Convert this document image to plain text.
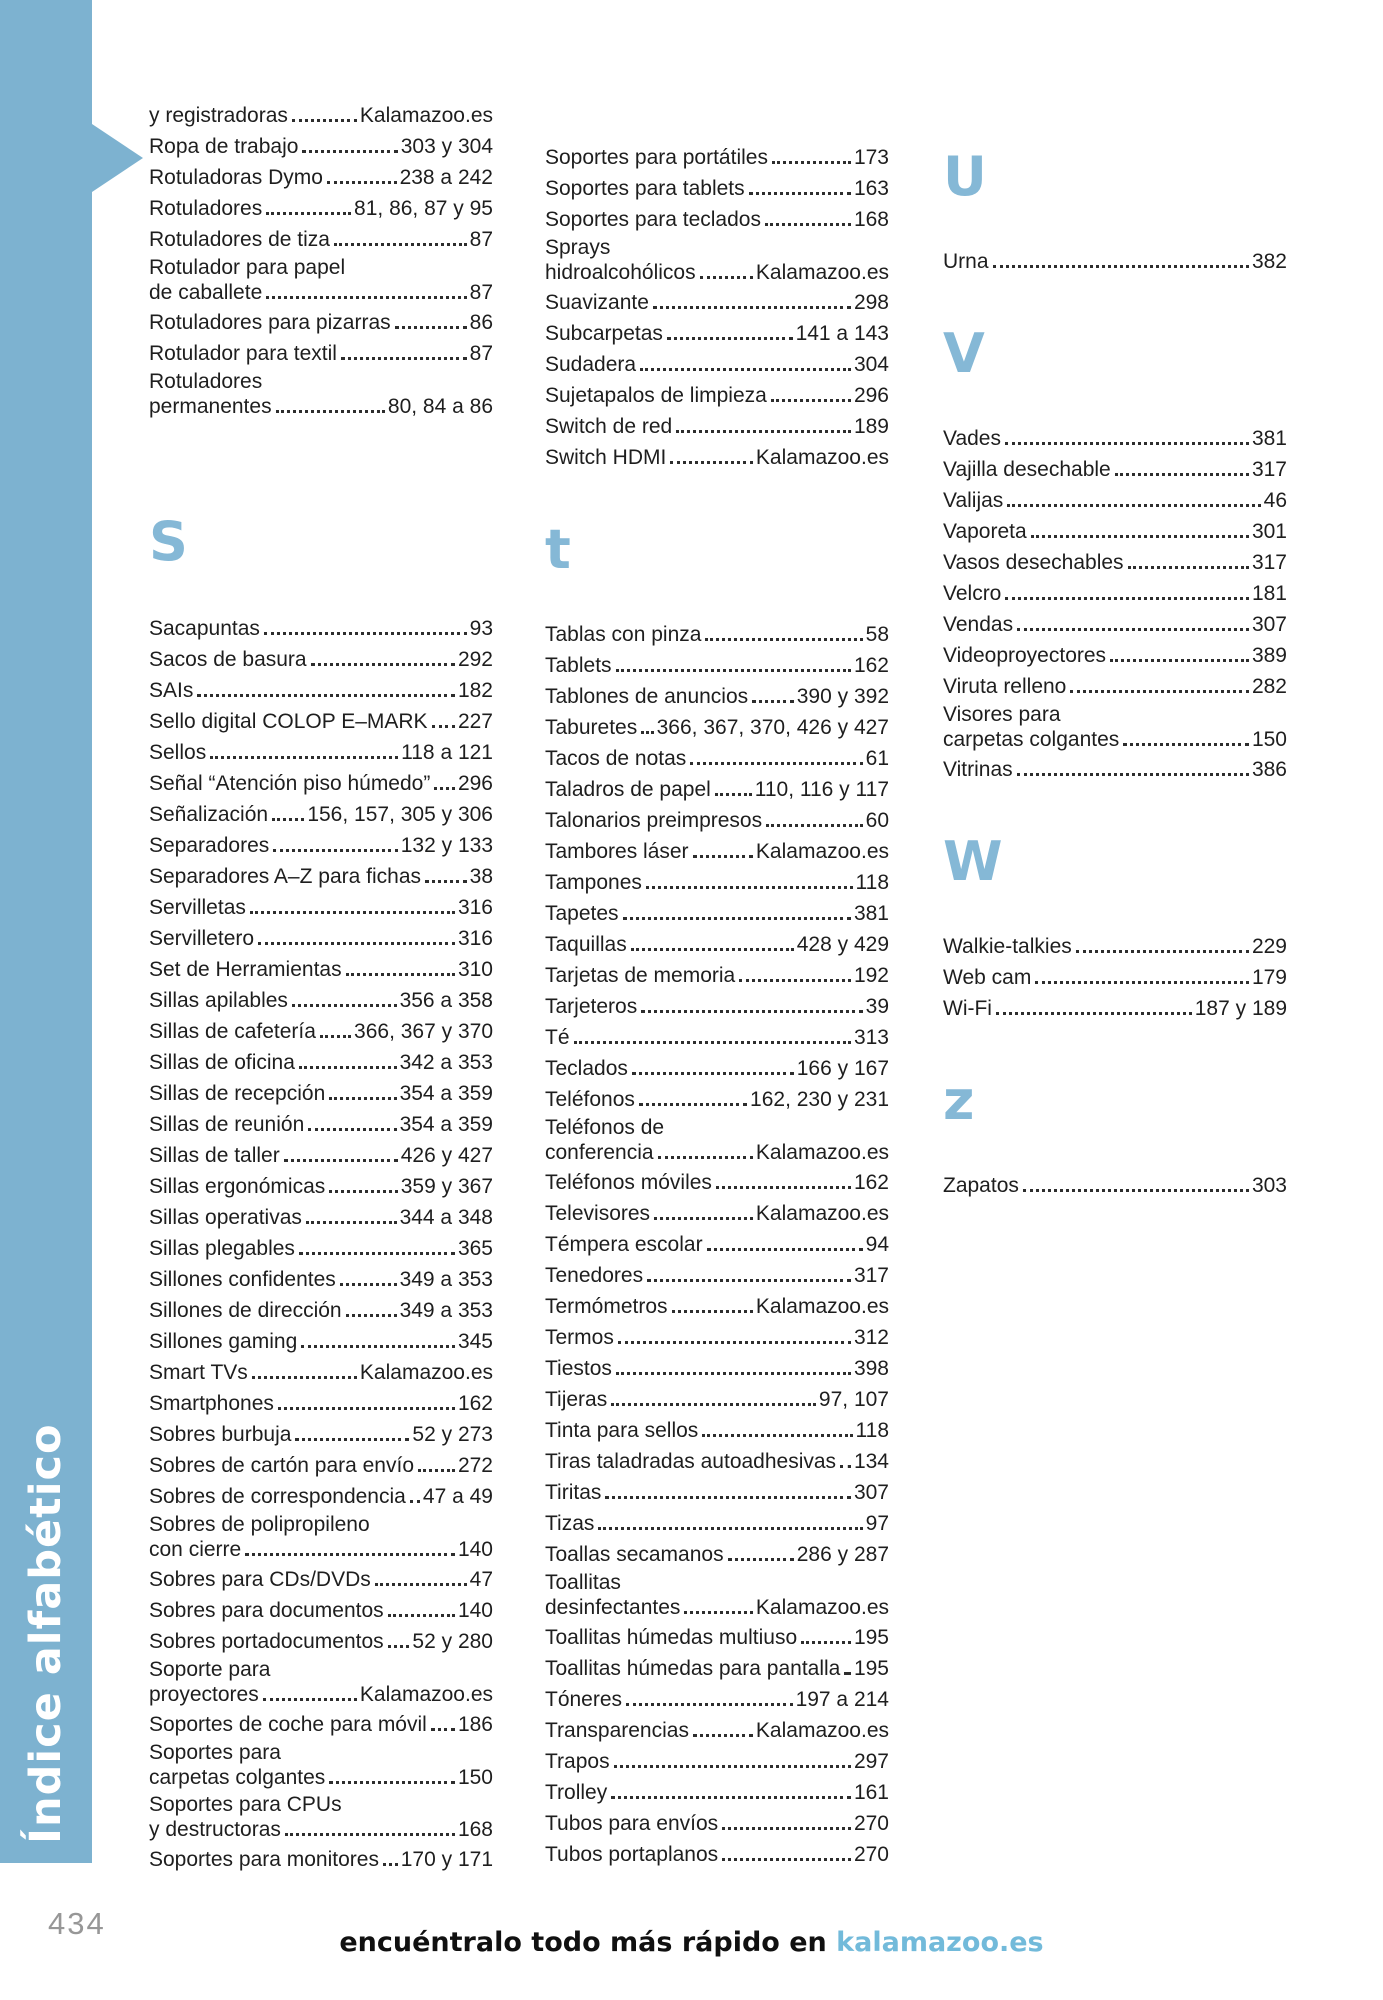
Índice alfabético
y registradoras	Kalamazoo.es
Ropa de trabajo	303 y 304
Rotuladoras Dymo	238 a 242
Rotuladores	81, 86, 87 y 95
Rotuladores de tiza	87
Rotulador para papel
de caballete	87
Rotuladores para pizarras	86
Rotulador para textil	87
Rotuladores
permanentes	80, 84 a 86
S
Sacapuntas	93
Sacos de basura	292
SAIs	182
Sello digital COLOP E–MARK 227
Sellos	118 a 121
Señal “Atención piso húmedo” 296
Señalización 156, 157, 305 y 306
Separadores	132 y 133
Separadores A–Z para fichas 38
Servilletas	316
Servilletero	316
Set de Herramientas	310
Sillas apilables	356 a 358
Sillas de cafetería 366, 367 y 370
Sillas de oficina	342 a 353
Sillas de recepción	354 a 359
Sillas de reunión	354 a 359
Sillas de taller	426 y 427
Sillas ergonómicas	359 y 367
Sillas operativas	344 a 348
Sillas plegables	365
Sillones confidentes	349 a 353
Sillones de dirección	349 a 353
Sillones gaming	345
Smart TVs	Kalamazoo.es
Smartphones	162
Sobres burbuja	52 y 273
Sobres de cartón para envío 272
Sobres de correspondencia 47 a 49
Sobres de polipropileno
con cierre	140
Sobres para CDs/DVDs	47
Sobres para documentos	140
Sobres portadocumentos 52 y 280
Soporte para
proyectores	Kalamazoo.es
Soportes de coche para móvil 186
Soportes para
carpetas colgantes	150
Soportes para CPUs
y destructoras	168
Soportes para monitores 170 y 171
Soportes para portátiles	173
Soportes para tablets	163
Soportes para teclados	168
Sprays
hidroalcohólicos	Kalamazoo.es
Suavizante	298
Subcarpetas	141 a 143
Sudadera	304
Sujetapalos de limpieza	296
Switch de red	189
Switch HDMI	Kalamazoo.es
t
Tablas con pinza	58
Tablets	162
Tablones de anuncios 390 y 392
Taburetes 366, 367, 370, 426 y 427
Tacos de notas	61
Taladros de papel 110, 116 y 117
Talonarios preimpresos	60
Tambores láser	Kalamazoo.es
Tampones	118
Tapetes	381
Taquillas	428 y 429
Tarjetas de memoria	192
Tarjeteros	39
Té	313
Teclados	166 y 167
Teléfonos	162, 230 y 231
Teléfonos de
conferencia	Kalamazoo.es
Teléfonos móviles	162
Televisores	Kalamazoo.es
Témpera escolar	94
Tenedores	317
Termómetros	Kalamazoo.es
Termos	312
Tiestos	398
Tijeras	97, 107
Tinta para sellos	118
Tiras taladradas autoadhesivas 134
Tiritas	307
Tizas	97
Toallas secamanos	286 y 287
Toallitas
desinfectantes	Kalamazoo.es
Toallitas húmedas multiuso	195
Toallitas húmedas para pantalla 195
Tóneres	197 a 214
Transparencias	Kalamazoo.es
Trapos	297
Trolley	161
Tubos para envíos	270
Tubos portaplanos	270
U
Urna	382
V
Vades	381
Vajilla desechable	317
Valijas	46
Vaporeta	301
Vasos desechables	317
Velcro	181
Vendas	307
Videoproyectores	389
Viruta relleno	282
Visores para
carpetas colgantes	150
Vitrinas	386
W
Walkie-talkies	229
Web cam	179
Wi-Fi	187 y 189
z
Zapatos	303
434
encuéntralo todo más rápido en kalamazoo.es
